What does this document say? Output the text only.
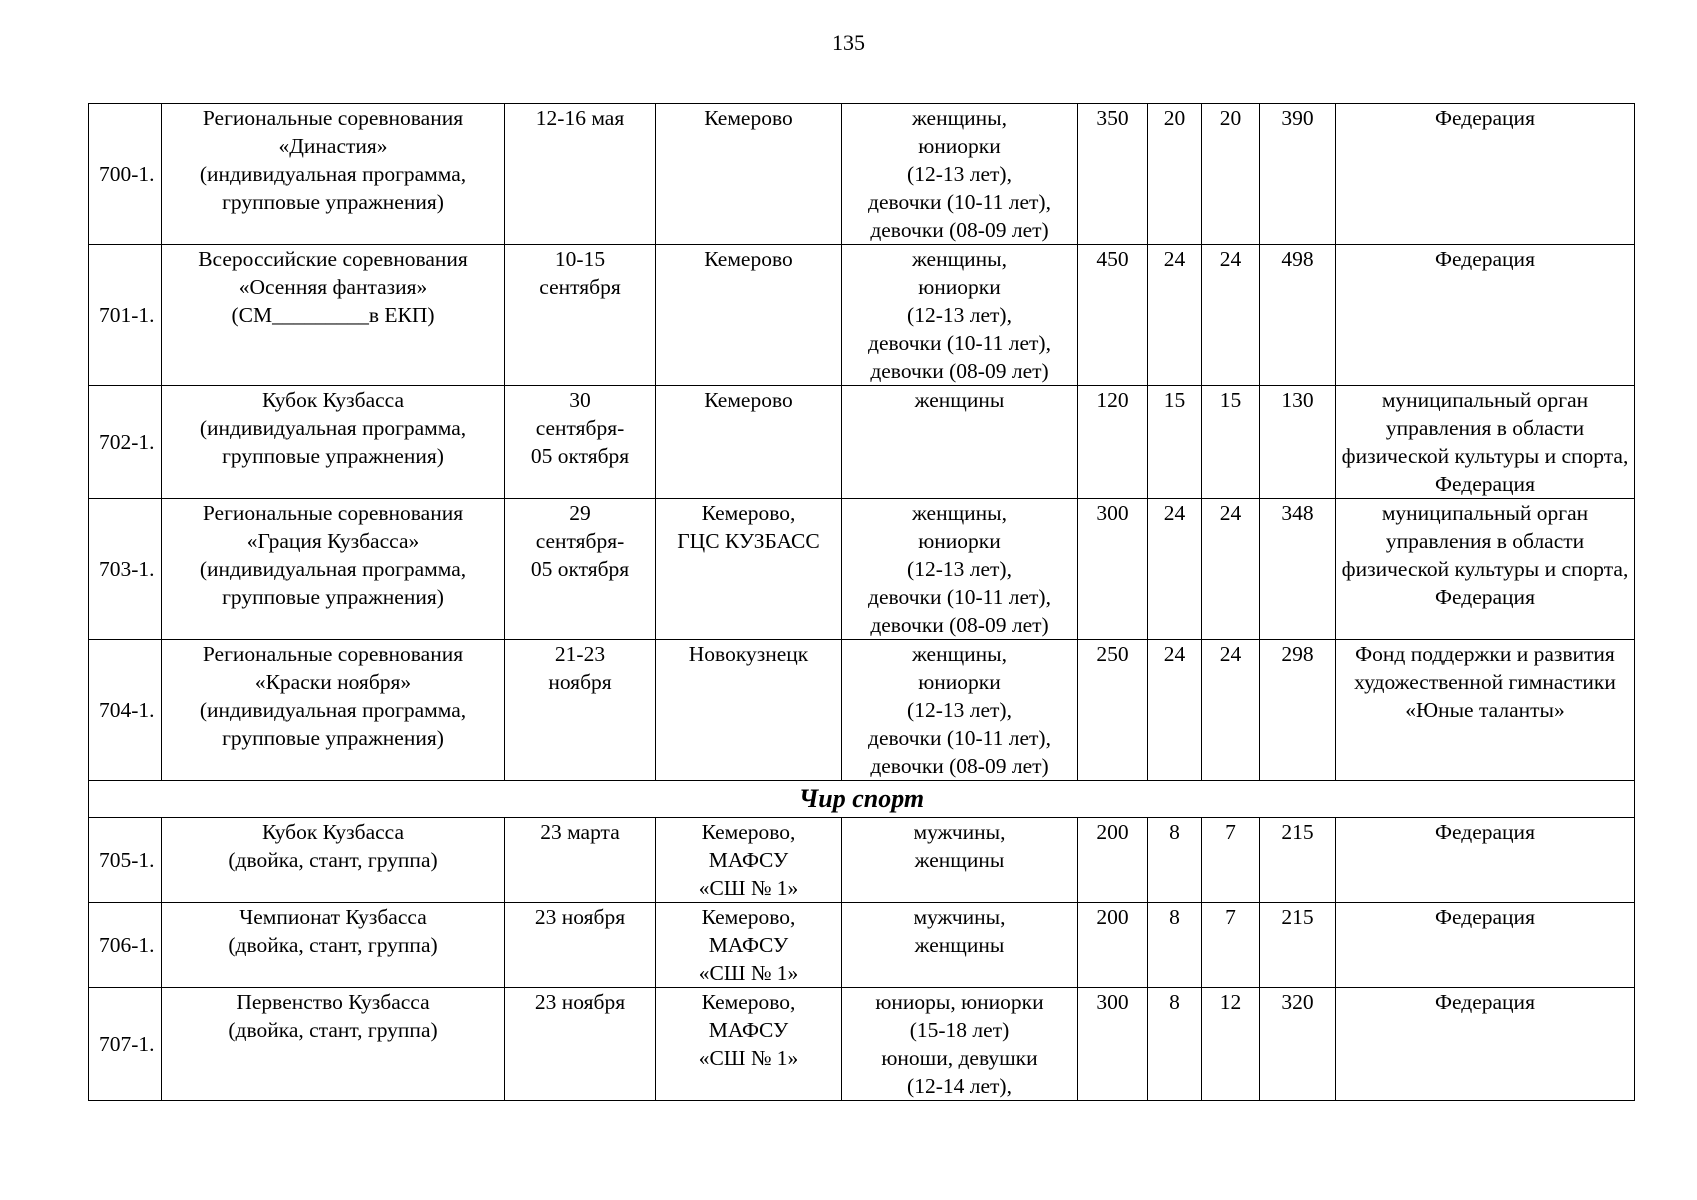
135
700-1.	Региональные соревнования
«Династия»
(индивидуальная программа,
групповые упражнения)	12-16 мая	Кемерово	женщины,
юниорки
(12-13 лет),
девочки (10-11 лет),
девочки (08-09 лет)	350	20	20	390	Федерация

701-1.	Всероссийские соревнования
«Осенняя фантазия»
(СМ_________в ЕКП)	10-15
сентября	Кемерово	женщины,
юниорки
(12-13 лет),
девочки (10-11 лет),
девочки (08-09 лет)	450	24	24	498	Федерация

702-1.	Кубок Кузбасса
(индивидуальная программа,
групповые упражнения)	30
сентября-
05 октября	Кемерово	женщины	120	15	15	130	муниципальный орган управления в области физической культуры и спорта, Федерация

703-1.	Региональные соревнования
«Грация Кузбасса»
(индивидуальная программа,
групповые упражнения)	29
сентября-
05 октября	Кемерово,
ГЦС КУЗБАСС	женщины,
юниорки
(12-13 лет),
девочки (10-11 лет),
девочки (08-09 лет)	300	24	24	348	муниципальный орган управления в области физической культуры и спорта, Федерация

704-1.	Региональные соревнования
«Краски ноября»
(индивидуальная программа,
групповые упражнения)	21-23
ноября	Новокузнецк	женщины,
юниорки
(12-13 лет),
девочки (10-11 лет),
девочки (08-09 лет)	250	24	24	298	Фонд поддержки и развития художественной гимнастики «Юные таланты»

Чир спорт									
705-1.	Кубок Кузбасса
(двойка, стант, группа)	23 марта	Кемерово,
МАФСУ
«СШ № 1»	мужчины,
женщины	200	8	7	215	Федерация

706-1.	Чемпионат Кузбасса
(двойка, стант, группа)	23 ноября	Кемерово,
МАФСУ
«СШ № 1»	мужчины,
женщины	200	8	7	215	Федерация

707-1.	Первенство Кузбасса
(двойка, стант, группа)	23 ноября	Кемерово,
МАФСУ
«СШ № 1»	юниоры, юниорки
(15-18 лет)
юноши, девушки
(12-14 лет),	300	8	12	320	Федерация
